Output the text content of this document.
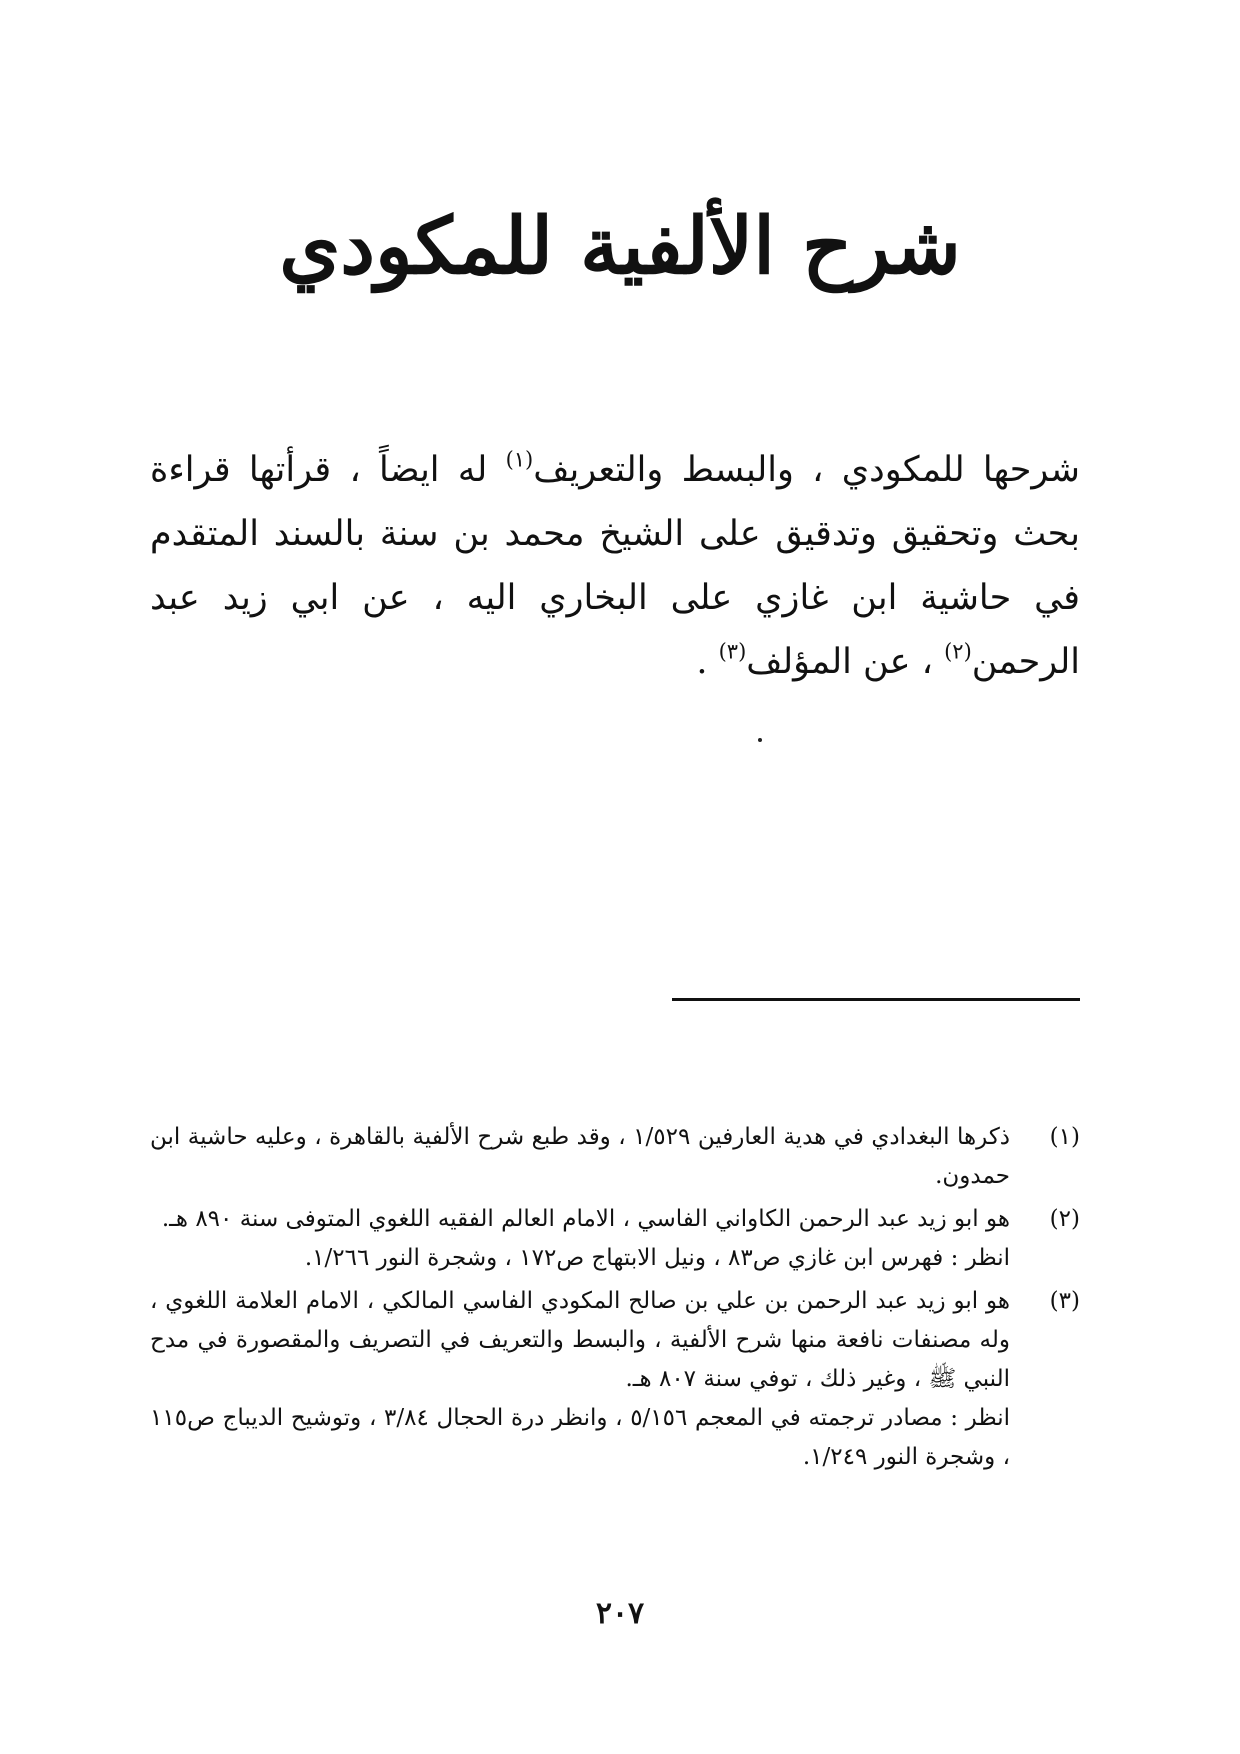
شرح الألفية للمكودي
شرحها للمكودي ، والبسط والتعريف$^{(١)}$ له ايضاً ، قرأتها قراءة بحث وتحقيق وتدقيق على الشيخ محمد بن سنة بالسند المتقدم في حاشية ابن غازي على البخاري اليه ، عن ابي زيد عبد الرحمن$^{(٢)}$ ، عن المؤلف$^{(٣)}$ .
(١)

ذكرها البغدادي في هدية العارفين ١/٥٢٩ ، وقد طبع شرح الألفية بالقاهرة ، وعليه حاشية ابن حمدون.

(٢)

هو ابو زيد عبد الرحمن الكاواني الفاسي ، الامام العالم الفقيه اللغوي المتوفى سنة ٨٩٠ هـ.

انظر : فهرس ابن غازي ص٨٣ ، ونيل الابتهاج ص١٧٢ ، وشجرة النور ١/٢٦٦.

(٣)

هو ابو زيد عبد الرحمن بن علي بن صالح المكودي الفاسي المالكي ، الامام العلامة اللغوي ، وله مصنفات نافعة منها شرح الألفية ، والبسط والتعريف في التصريف والمقصورة في مدح النبي ﷺ ، وغير ذلك ، توفي سنة ٨٠٧ هـ.

انظر : مصادر ترجمته في المعجم ٥/١٥٦ ، وانظر درة الحجال ٣/٨٤ ، وتوشيح الديباج ص١١٥ ، وشجرة النور ١/٢٤٩.

٢٠٧
